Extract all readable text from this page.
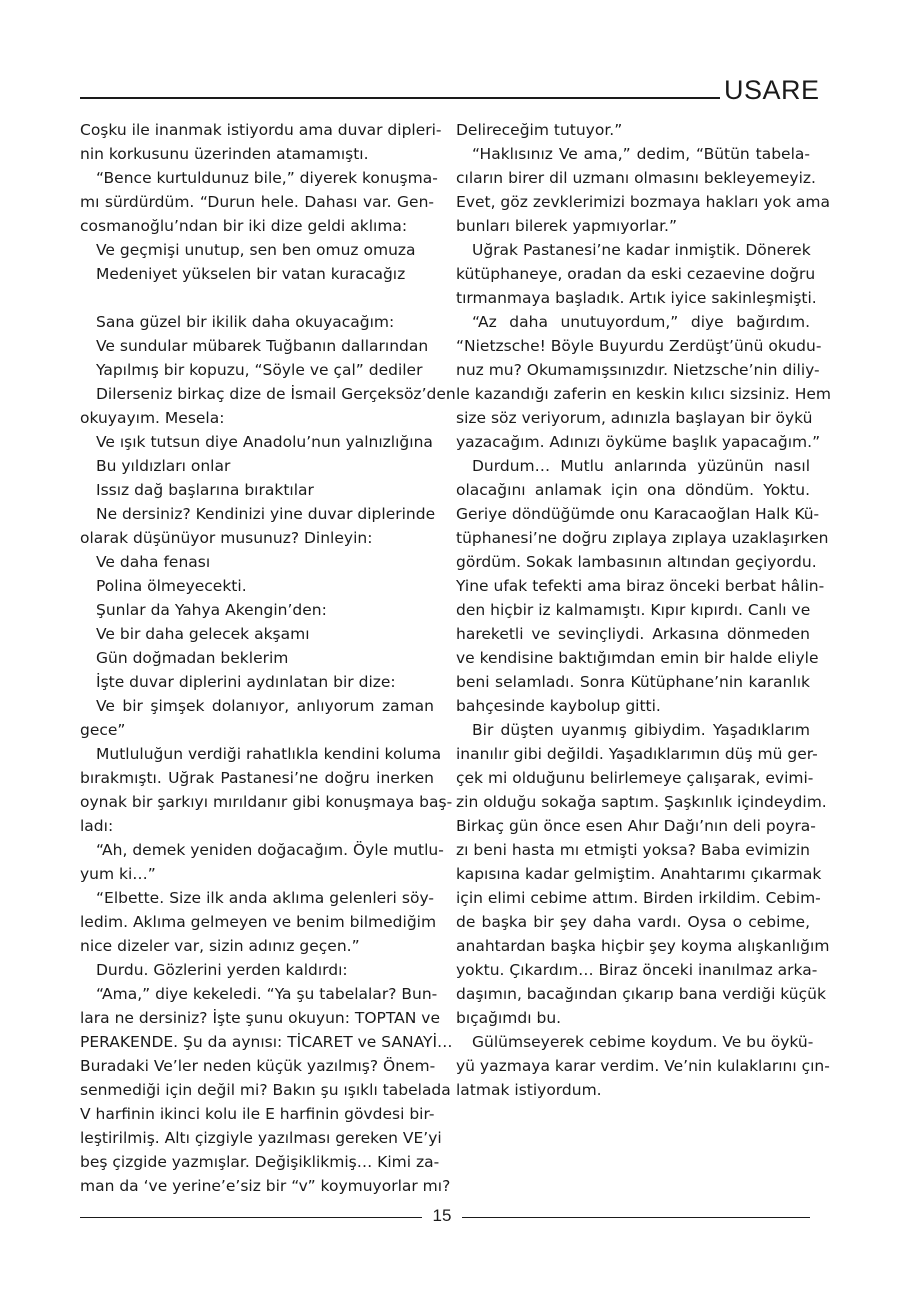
USARE
Coşku ile inanmak istiyordu ama duvar dipleri-
nin korkusunu üzerinden atamamıştı.
“Bence kurtuldunuz bile,” diyerek konuşma-
mı sürdürdüm. “Durun hele. Dahası var. Gen-
cosmanoğlu’ndan bir iki dize geldi aklıma:
Ve geçmişi unutup, sen ben omuz omuza
Medeniyet yükselen bir vatan kuracağız
Sana güzel bir ikilik daha okuyacağım:
Ve sundular mübarek Tuğbanın dallarından
Yapılmış bir kopuzu, “Söyle ve çal” dediler
Dilerseniz birkaç dize de İsmail Gerçeksöz’den
okuyayım. Mesela:
Ve ışık tutsun diye Anadolu’nun yalnızlığına
Bu yıldızları onlar
Issız dağ başlarına bıraktılar
Ne dersiniz? Kendinizi yine duvar diplerinde
olarak düşünüyor musunuz? Dinleyin:
Ve daha fenası
Polina ölmeyecekti.
Şunlar da Yahya Akengin’den:
Ve bir daha gelecek akşamı
Gün doğmadan beklerim
İşte duvar diplerini aydınlatan bir dize:
Ve bir şimşek dolanıyor, anlıyorum zaman
gece”
Mutluluğun verdiği rahatlıkla kendini koluma
bırakmıştı. Uğrak Pastanesi’ne doğru inerken
oynak bir şarkıyı mırıldanır gibi konuşmaya baş-
ladı:
“Ah, demek yeniden doğacağım. Öyle mutlu-
yum ki…”
“Elbette. Size ilk anda aklıma gelenleri söy-
ledim. Aklıma gelmeyen ve benim bilmediğim
nice dizeler var, sizin adınız geçen.”
Durdu. Gözlerini yerden kaldırdı:
“Ama,” diye kekeledi. “Ya şu tabelalar? Bun-
lara ne dersiniz? İşte şunu okuyun: TOPTAN ve
PERAKENDE. Şu da aynısı: TİCARET ve SANAYİ…
Buradaki Ve’ler neden küçük yazılmış? Önem-
senmediği için değil mi? Bakın şu ışıklı tabelada
V harfinin ikinci kolu ile E harfinin gövdesi bir-
leştirilmiş. Altı çizgiyle yazılması gereken VE’yi
beş çizgide yazmışlar. Değişiklikmiş… Kimi za-
man da ‘ve yerine’e’siz bir “v” koymuyorlar mı?
Delireceğim tutuyor.”
“Haklısınız Ve ama,” dedim, “Bütün tabela-
cıların birer dil uzmanı olmasını bekleyemeyiz.
Evet, göz zevklerimizi bozmaya hakları yok ama
bunları bilerek yapmıyorlar.”
Uğrak Pastanesi’ne kadar inmiştik. Dönerek
kütüphaneye, oradan da eski cezaevine doğru
tırmanmaya başladık. Artık iyice sakinleşmişti.
“Az daha unutuyordum,” diye bağırdım.
“Nietzsche! Böyle Buyurdu Zerdüşt’ünü okudu-
nuz mu? Okumamışsınızdır. Nietzsche’nin diliy-
le kazandığı zaferin en keskin kılıcı sizsiniz. Hem
size söz veriyorum, adınızla başlayan bir öykü
yazacağım. Adınızı öyküme başlık yapacağım.”
Durdum… Mutlu anlarında yüzünün nasıl
olacağını anlamak için ona döndüm. Yoktu.
Geriye döndüğümde onu Karacaoğlan Halk Kü-
tüphanesi’ne doğru zıplaya zıplaya uzaklaşırken
gördüm. Sokak lambasının altından geçiyordu.
Yine ufak tefekti ama biraz önceki berbat hâlin-
den hiçbir iz kalmamıştı. Kıpır kıpırdı. Canlı ve
hareketli ve sevinçliydi. Arkasına dönmeden
ve kendisine baktığımdan emin bir halde eliyle
beni selamladı. Sonra Kütüphane’nin karanlık
bahçesinde kaybolup gitti.
Bir düşten uyanmış gibiydim. Yaşadıklarım
inanılır gibi değildi. Yaşadıklarımın düş mü ger-
çek mi olduğunu belirlemeye çalışarak, evimi-
zin olduğu sokağa saptım. Şaşkınlık içindeydim.
Birkaç gün önce esen Ahır Dağı’nın deli poyra-
zı beni hasta mı etmişti yoksa? Baba evimizin
kapısına kadar gelmiştim. Anahtarımı çıkarmak
için elimi cebime attım. Birden irkildim. Cebim-
de başka bir şey daha vardı. Oysa o cebime,
anahtardan başka hiçbir şey koyma alışkanlığım
yoktu. Çıkardım… Biraz önceki inanılmaz arka-
daşımın, bacağından çıkarıp bana verdiği küçük
bıçağımdı bu.
Gülümseyerek cebime koydum. Ve bu öykü-
yü yazmaya karar verdim. Ve’nin kulaklarını çın-
latmak istiyordum.
15
